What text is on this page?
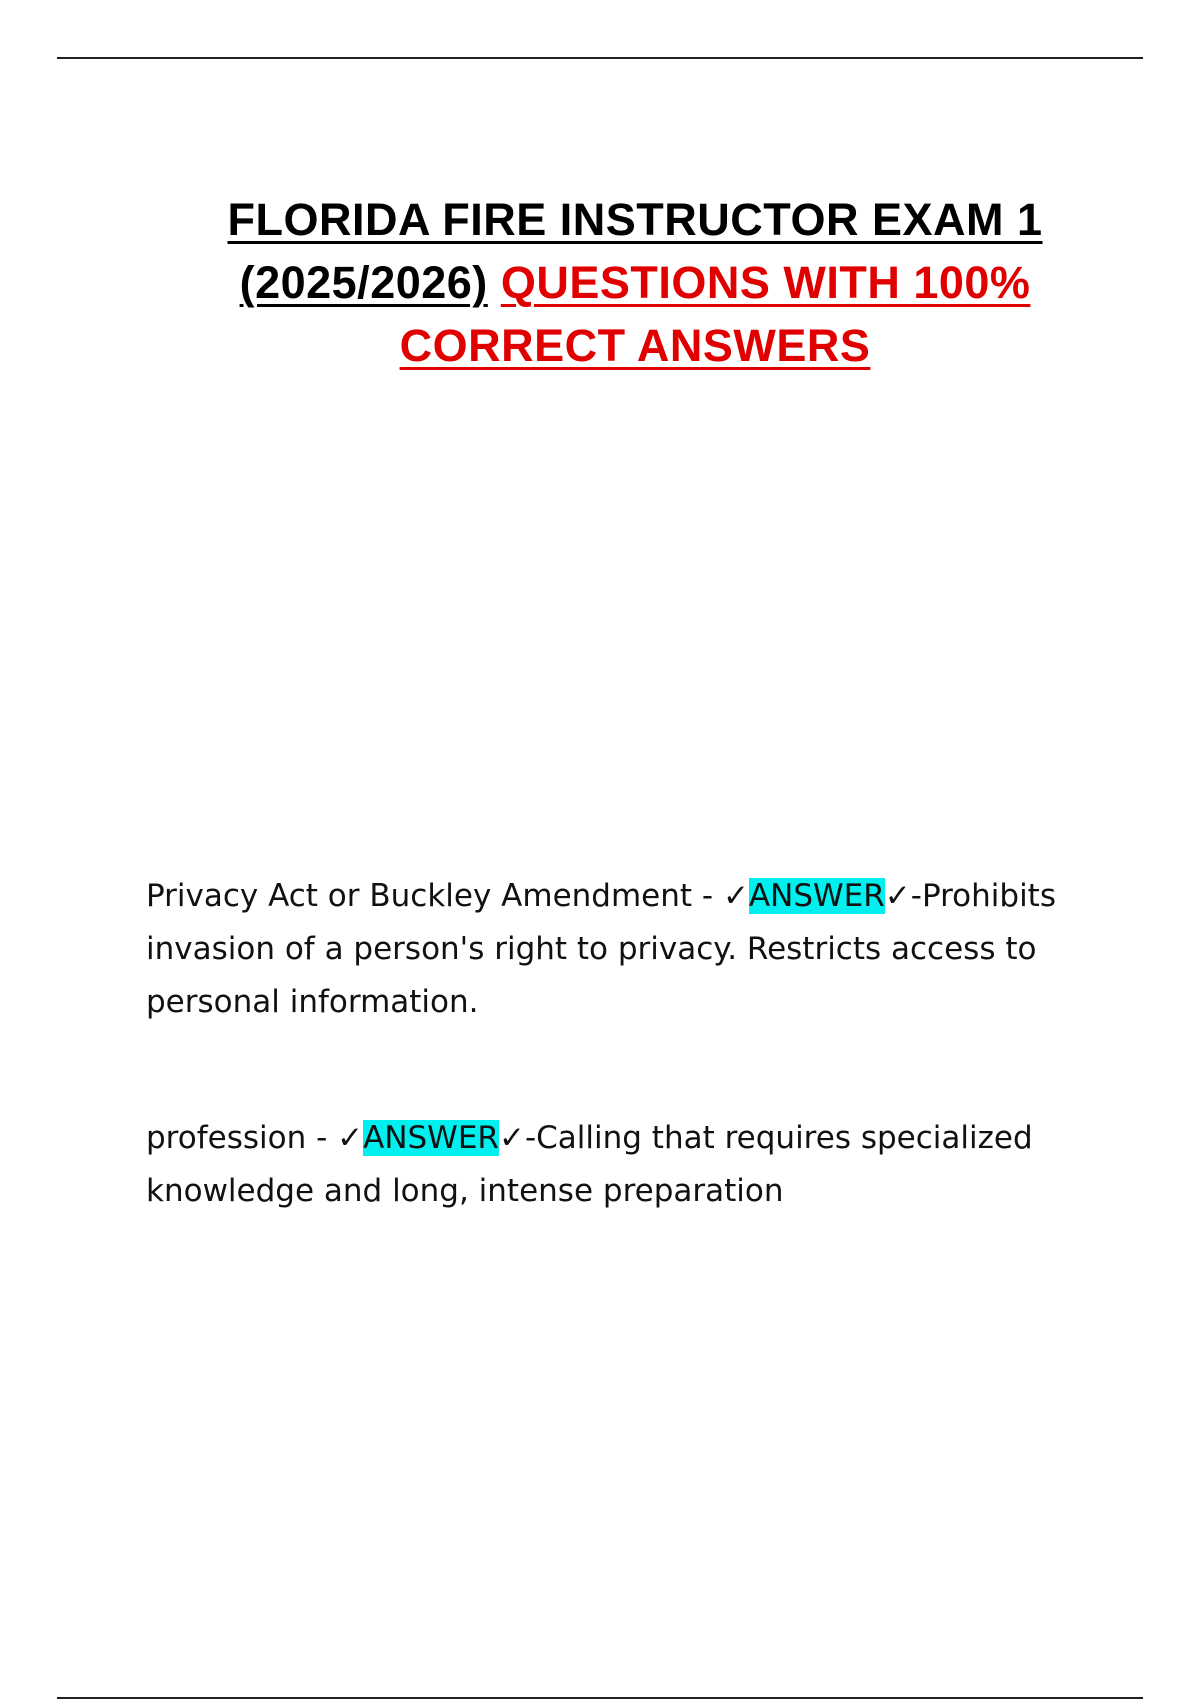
FLORIDA FIRE INSTRUCTOR EXAM 1
(2025/2026) QUESTIONS WITH 100% CORRECT ANSWERS

Privacy Act or Buckley Amendment - ✓ANSWER✓-Prohibits invasion of a person's right to privacy. Restricts access to personal information.

profession - ✓ANSWER✓-Calling that requires specialized knowledge and long, intense preparation
